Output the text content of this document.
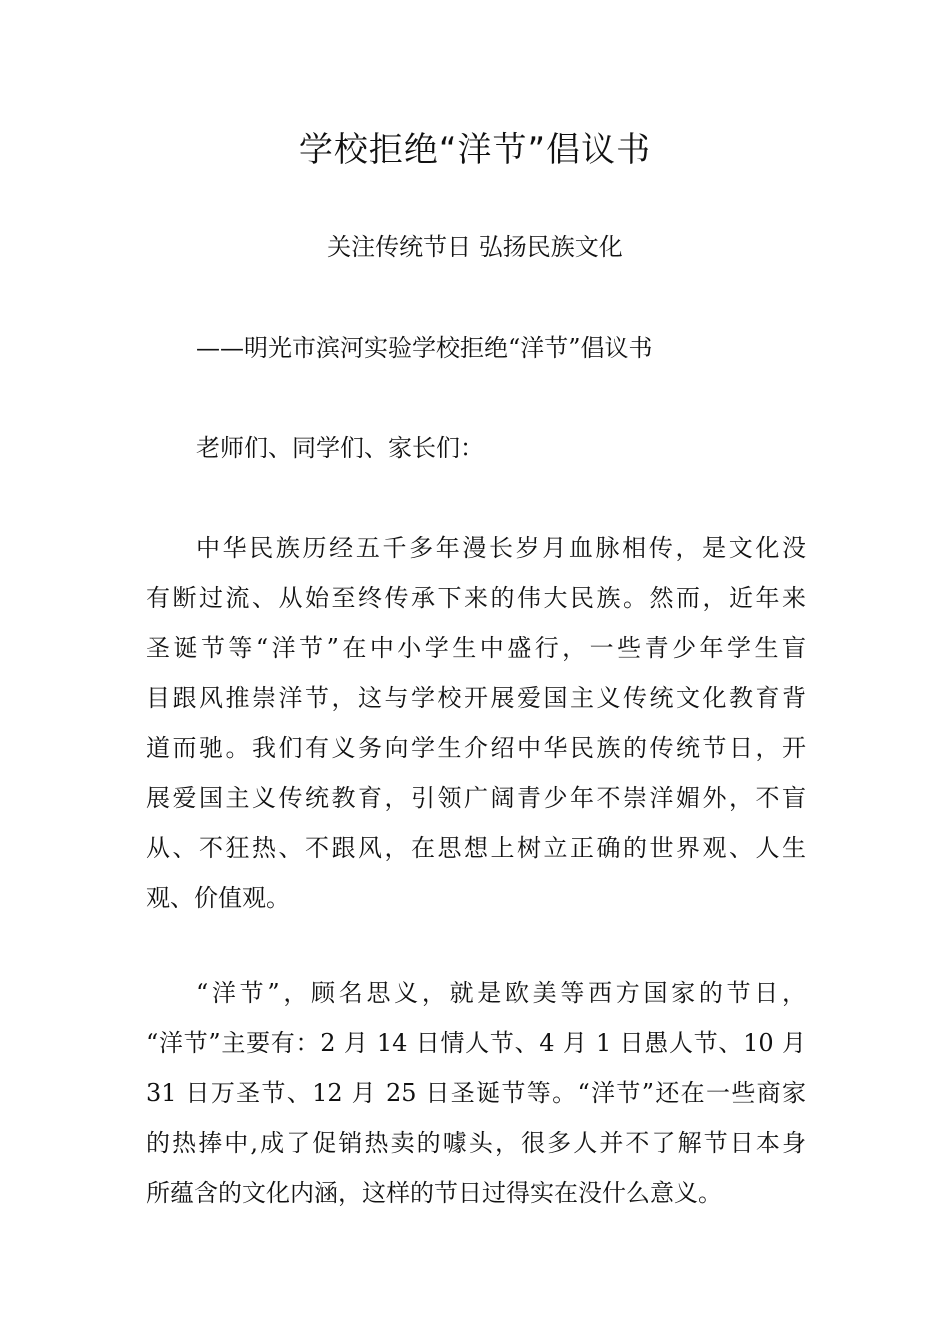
学校拒绝“洋节”倡议书

关注传统节日 弘扬民族文化

——明光市滨河实验学校拒绝“洋节”倡议书

老师们、同学们、家长们：

中华民族历经五千多年漫长岁月血脉相传，是文化没
有断过流、从始至终传承下来的伟大民族。然而，近年来
圣诞节等“洋节”在中小学生中盛行，一些青少年学生盲
目跟风推崇洋节，这与学校开展爱国主义传统文化教育背
道而驰。我们有义务向学生介绍中华民族的传统节日，开
展爱国主义传统教育，引领广阔青少年不崇洋媚外，不盲
从、不狂热、不跟风，在思想上树立正确的世界观、人生
观、价值观。
“洋节”，顾名思义，就是欧美等西方国家的节日，
“洋节”主要有：2 月 14 日情人节、4 月 1 日愚人节、10 月
31 日万圣节、12 月 25 日圣诞节等。“洋节”还在一些商家
的热捧中,成了促销热卖的噱头，很多人并不了解节日本身
所蕴含的文化内涵，这样的节日过得实在没什么意义。
